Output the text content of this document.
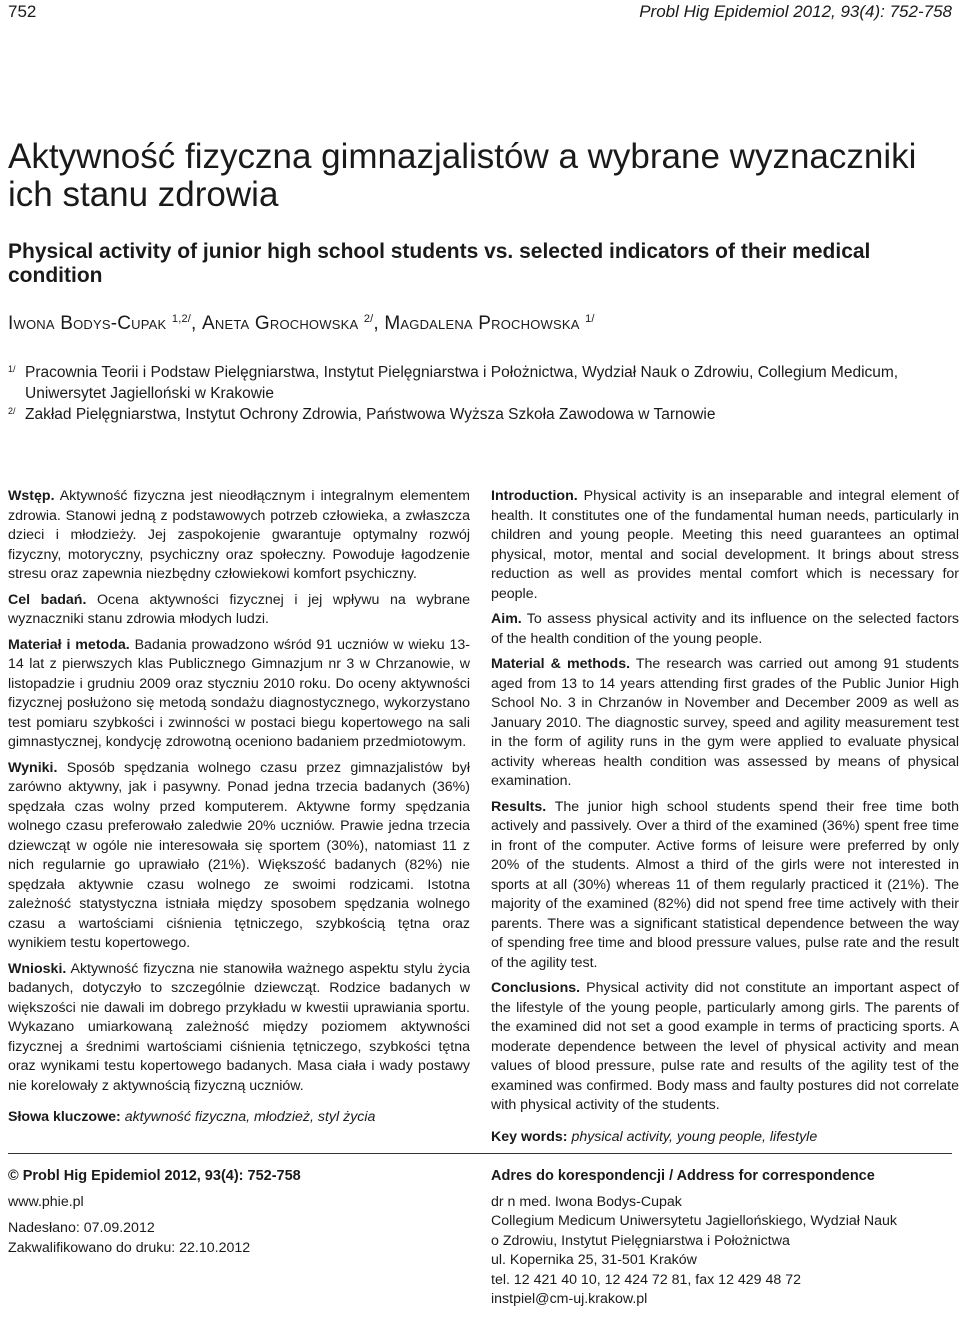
752	Probl Hig Epidemiol 2012, 93(4): 752-758
Aktywność fizyczna gimnazjalistów a wybrane wyznaczniki ich stanu zdrowia
Physical activity of junior high school students vs. selected indicators of their medical condition
Iwona Bodys-Cupak $^{1,2/}$, Aneta Grochowska $^{2/}$, Magdalena Prochowska $^{1/}$
1/ Pracownia Teorii i Podstaw Pielęgniarstwa, Instytut Pielęgniarstwa i Położnictwa, Wydział Nauk o Zdrowiu, Collegium Medicum, Uniwersytet Jagielloński w Krakowie
2/ Zakład Pielęgniarstwa, Instytut Ochrony Zdrowia, Państwowa Wyższa Szkoła Zawodowa w Tarnowie

Wstęp. Aktywność fizyczna jest nieodłącznym i integralnym elementem zdrowia. Stanowi jedną z podstawowych potrzeb człowieka, a zwłaszcza dzieci i młodzieży. Jej zaspokojenie gwarantuje optymalny rozwój fizyczny, motoryczny, psychiczny oraz społeczny. Powoduje łagodzenie stresu oraz zapewnia niezbędny człowiekowi komfort psychiczny.

Cel badań. Ocena aktywności fizycznej i jej wpływu na wybrane wyznaczniki stanu zdrowia młodych ludzi.

Materiał i metoda. Badania prowadzono wśród 91 uczniów w wieku 13-14 lat z pierwszych klas Publicznego Gimnazjum nr 3 w Chrzanowie, w listopadzie i grudniu 2009 oraz styczniu 2010 roku. Do oceny aktywności fizycznej posłużono się metodą sondażu diagnostycznego, wykorzystano test pomiaru szybkości i zwinności w postaci biegu kopertowego na sali gimnastycznej, kondycję zdrowotną oceniono badaniem przedmiotowym.

Wyniki. Sposób spędzania wolnego czasu przez gimnazjalistów był zarówno aktywny, jak i pasywny. Ponad jedna trzecia badanych (36%) spędzała czas wolny przed komputerem. Aktywne formy spędzania wolnego czasu preferowało zaledwie 20% uczniów. Prawie jedna trzecia dziewcząt w ogóle nie interesowała się sportem (30%), natomiast 11 z nich regularnie go uprawiało (21%). Większość badanych (82%) nie spędzała aktywnie czasu wolnego ze swoimi rodzicami. Istotna zależność statystyczna istniała między sposobem spędzania wolnego czasu a wartościami ciśnienia tętniczego, szybkością tętna oraz wynikiem testu kopertowego.

Wnioski. Aktywność fizyczna nie stanowiła ważnego aspektu stylu życia badanych, dotyczyło to szczególnie dziewcząt. Rodzice badanych w większości nie dawali im dobrego przykładu w kwestii uprawiania sportu. Wykazano umiarkowaną zależność między poziomem aktywności fizycznej a średnimi wartościami ciśnienia tętniczego, szybkości tętna oraz wynikami testu kopertowego badanych. Masa ciała i wady postawy nie korelowały z aktywnością fizyczną uczniów.

Słowa kluczowe: aktywność fizyczna, młodzież, styl życia

Introduction. Physical activity is an inseparable and integral element of health. It constitutes one of the fundamental human needs, particularly in children and young people. Meeting this need guarantees an optimal physical, motor, mental and social development. It brings about stress reduction as well as provides mental comfort which is necessary for people.

Aim. To assess physical activity and its influence on the selected factors of the health condition of the young people.

Material & methods. The research was carried out among 91 students aged from 13 to 14 years attending first grades of the Public Junior High School No. 3 in Chrzanów in November and December 2009 as well as January 2010. The diagnostic survey, speed and agility measurement test in the form of agility runs in the gym were applied to evaluate physical activity whereas health condition was assessed by means of physical examination.

Results. The junior high school students spend their free time both actively and passively. Over a third of the examined (36%) spent free time in front of the computer. Active forms of leisure were preferred by only 20% of the students. Almost a third of the girls were not interested in sports at all (30%) whereas 11 of them regularly practiced it (21%). The majority of the examined (82%) did not spend free time actively with their parents. There was a significant statistical dependence between the way of spending free time and blood pressure values, pulse rate and the result of the agility test.

Conclusions. Physical activity did not constitute an important aspect of the lifestyle of the young people, particularly among girls. The parents of the examined did not set a good example in terms of practicing sports. A moderate dependence between the level of physical activity and mean values of blood pressure, pulse rate and results of the agility test of the examined was confirmed. Body mass and faulty postures did not correlate with physical activity of the students.

Key words: physical activity, young people, lifestyle

© Probl Hig Epidemiol 2012, 93(4): 752-758
www.phie.pl
Nadesłano: 07.09.2012
Zakwalifikowano do druku: 22.10.2012
Adres do korespondencji / Address for correspondence
dr n med. Iwona Bodys-Cupak
Collegium Medicum Uniwersytetu Jagiellońskiego, Wydział Nauk
o Zdrowiu, Instytut Pielęgniarstwa i Położnictwa
ul. Kopernika 25, 31-501 Kraków
tel. 12 421 40 10, 12 424 72 81, fax 12 429 48 72
instpiel@cm-uj.krakow.pl
